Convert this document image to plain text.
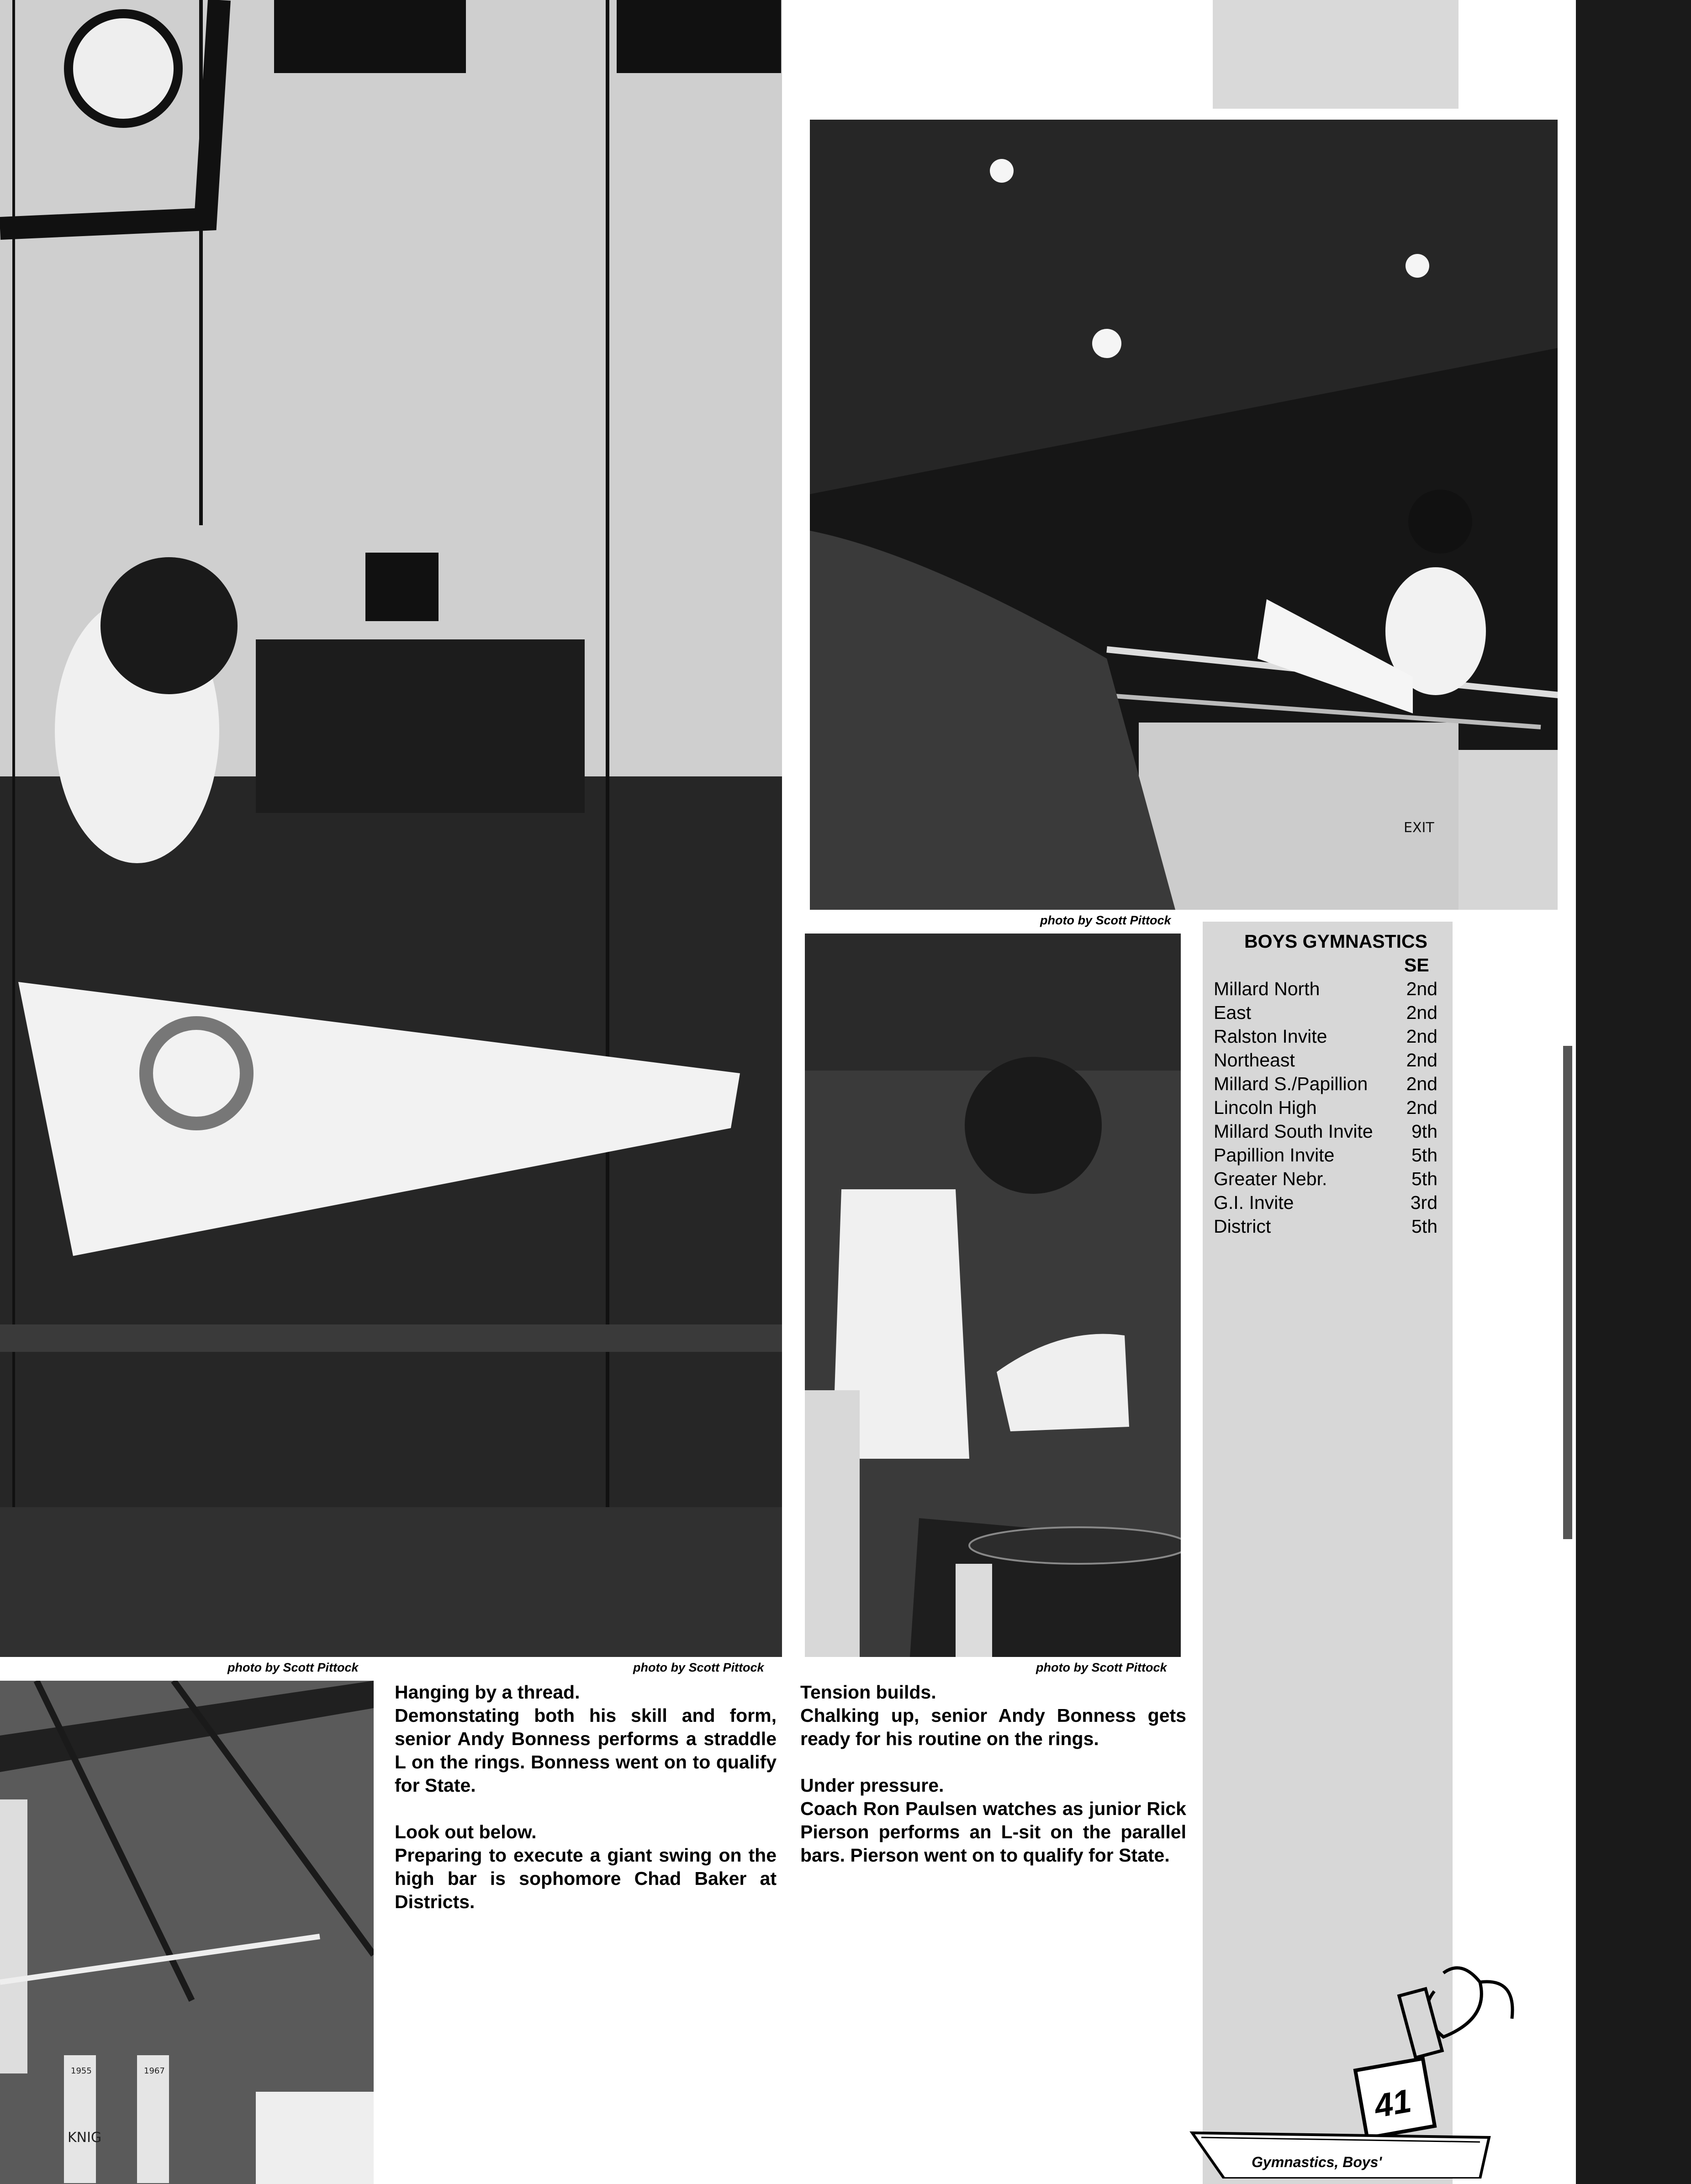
photo by Scott Pittock
1955	1967
KNIG
photo by Scott Pittock
EXIT
photo by Scott Pittock
photo by Scott Pittock
Hanging by a thread.
Demonstating both his skill and form, senior Andy Bonness performs a straddle L on the rings. Bonness went on to qualify for State.
Look out below.
Preparing to execute a giant swing on the high bar is sophomore Chad Baker at Districts.
Tension builds.
Chalking up, senior Andy Bonness gets ready for his routine on the rings.
Under pressure.
Coach Ron Paulsen watches as junior Rick Pierson performs an L-sit on the parallel bars. Pierson went on to qualify for State.
BOYS GYMNASTICS
SE
Millard North	2nd
East	2nd
Ralston Invite	2nd
Northeast	2nd
Millard S./Papillion 2nd
Lincoln High	2nd
Millard South Invite 9th
Papillion Invite	5th
Greater Nebr.	5th
G.I. Invite	3rd
District	5th
41
Gymnastics, Boys'
